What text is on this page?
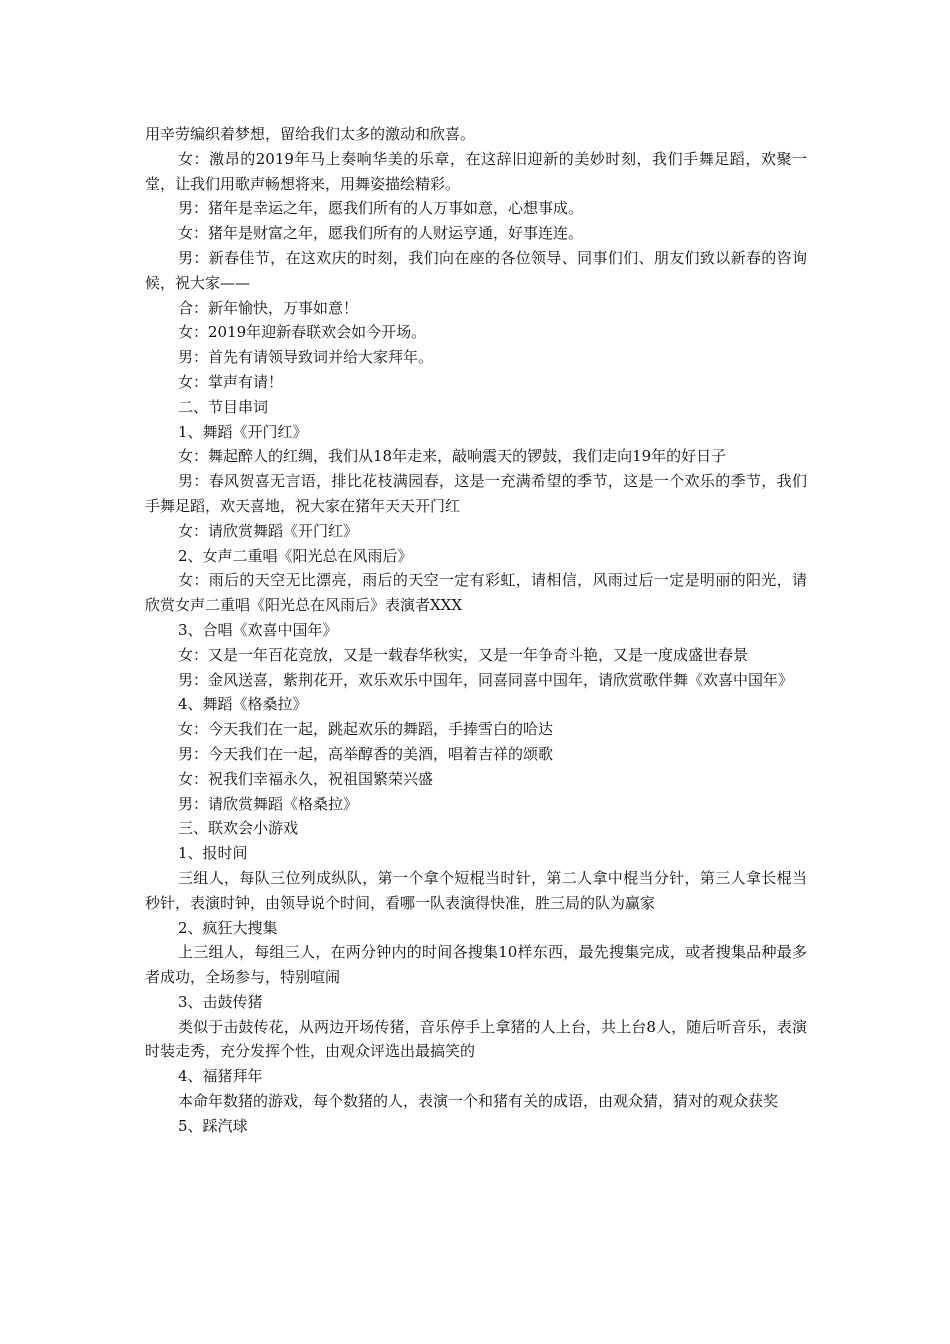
用辛劳编织着梦想，留给我们太多的激动和欣喜。

女：激昂的2019年马上奏响华美的乐章，在这辞旧迎新的美妙时刻，我们手舞足蹈，欢聚一堂，让我们用歌声畅想将来，用舞姿描绘精彩。

男：猪年是幸运之年，愿我们所有的人万事如意，心想事成。

女：猪年是财富之年，愿我们所有的人财运亨通，好事连连。

男：新春佳节，在这欢庆的时刻，我们向在座的各位领导、同事们们、朋友们致以新春的咨询候，祝大家——

合：新年愉快，万事如意！

女：2019年迎新春联欢会如今开场。

男：首先有请领导致词并给大家拜年。

女：掌声有请！

二、节目串词

1、舞蹈《开门红》

女：舞起醉人的红绸，我们从18年走来，敲响震天的锣鼓，我们走向19年的好日子

男：春风贺喜无言语，排比花枝满园春，这是一充满希望的季节，这是一个欢乐的季节，我们手舞足蹈，欢天喜地，祝大家在猪年天天开门红

女：请欣赏舞蹈《开门红》

2、女声二重唱《阳光总在风雨后》

女：雨后的天空无比漂亮，雨后的天空一定有彩虹，请相信，风雨过后一定是明丽的阳光，请欣赏女声二重唱《阳光总在风雨后》表演者XXX

3、合唱《欢喜中国年》

女：又是一年百花竞放，又是一载春华秋实，又是一年争奇斗艳，又是一度成盛世春景

男：金风送喜，紫荆花开，欢乐欢乐中国年，同喜同喜中国年，请欣赏歌伴舞《欢喜中国年》

4、舞蹈《格桑拉》

女：今天我们在一起，跳起欢乐的舞蹈，手捧雪白的哈达

男：今天我们在一起，高举醇香的美酒，唱着吉祥的颂歌

女：祝我们幸福永久，祝祖国繁荣兴盛

男：请欣赏舞蹈《格桑拉》

三、联欢会小游戏

1、报时间

三组人，每队三位列成纵队，第一个拿个短棍当时针，第二人拿中棍当分针，第三人拿长棍当秒针，表演时钟，由领导说个时间，看哪一队表演得快准，胜三局的队为赢家

2、疯狂大搜集

上三组人，每组三人，在两分钟内的时间各搜集10样东西，最先搜集完成，或者搜集品种最多者成功，全场参与，特别喧闹

3、击鼓传猪

类似于击鼓传花，从两边开场传猪，音乐停手上拿猪的人上台，共上台8人，随后听音乐，表演时装走秀，充分发挥个性，由观众评选出最搞笑的

4、福猪拜年

本命年数猪的游戏，每个数猪的人，表演一个和猪有关的成语，由观众猜，猜对的观众获奖

5、踩汽球
